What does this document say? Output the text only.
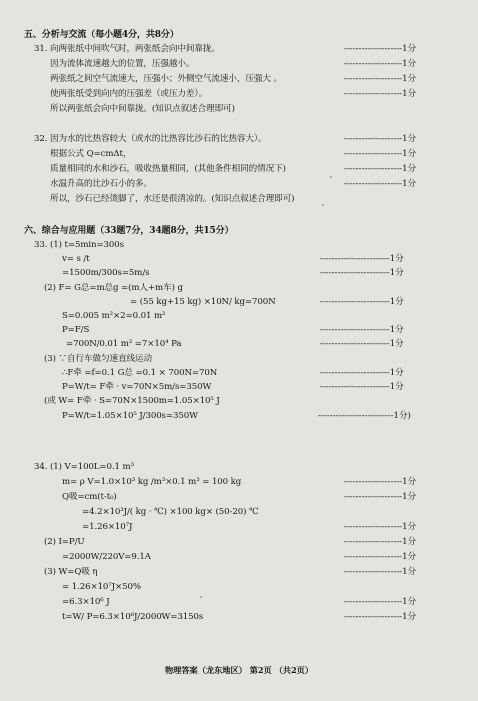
五、分析与交流（每小题4分，共8分）
31. 向两张纸中间吹气时，两张纸会向中间靠拢。	--------------------1分
因为流体流速越大的位置，压强越小。	--------------------1分
两张纸之间空气流速大，压强小；外侧空气流速小，压强大 。	--------------------1分
使两张纸受到向内的压强差（或压力差）。	--------------------1分
所以两张纸会向中间靠拢。(知识点叙述合理即可)
32. 因为水的比热容较大（或水的比热容比沙石的比热容大）。	--------------------1分
根据公式 Q=cmΔt，	--------------------1分
质量相同的水和沙石，吸收热量相同，(其他条件相同的情况下)	--------------------1分
水温升高的比沙石小的多。	--------------------1分
所以，沙石已经烫脚了，水还是很清凉的。(知识点叙述合理即可)
六、综合与应用题（33题7分，34题8分，共15分）
33. (1) t=5min=300s
v= s /t	------------------------1分
=1500m/300s=5m/s	------------------------1分
(2) F= G总=m总g =(m人+m车) g
= (55 kg+15 kg) ×10N/ kg=700N	------------------------1分
S=0.005 m²×2=0.01 m²
P=F/S	------------------------1分
=700N/0.01 m² =7×10⁴ Pa	------------------------1分
(3) ∵自行车做匀速直线运动
∴F牵 =f=0.1 G总 =0.1 × 700N=70N	------------------------1分
P=W/t= F牵 · v=70N×5m/s=350W	------------------------1分
(或 W= F牵 · S=70N×1500m=1.05×10⁵ J
P=W/t=1.05×10⁵ J/300s=350W	--------------------------1分)
34. (1) V=100L=0.1 m³
m= ρ V=1.0×10³ kg /m³×0.1 m³ = 100 kg	--------------------1分
Q吸=cm(t-t₀)	--------------------1分
=4.2×10³J/( kg · ℃) ×100 kg× (50-20) ℃
=1.26×10⁷J	--------------------1分
(2) I=P/U	--------------------1分
=2000W/220V=9.1A	--------------------1分
(3) W=Q吸 η	--------------------1分
= 1.26×10⁷J×50%
=6.3×10⁶ J	--------------------1分
t=W/ P=6.3×10⁶J/2000W=3150s	--------------------1分
物理答案（龙东地区） 第2页 （共2页）
